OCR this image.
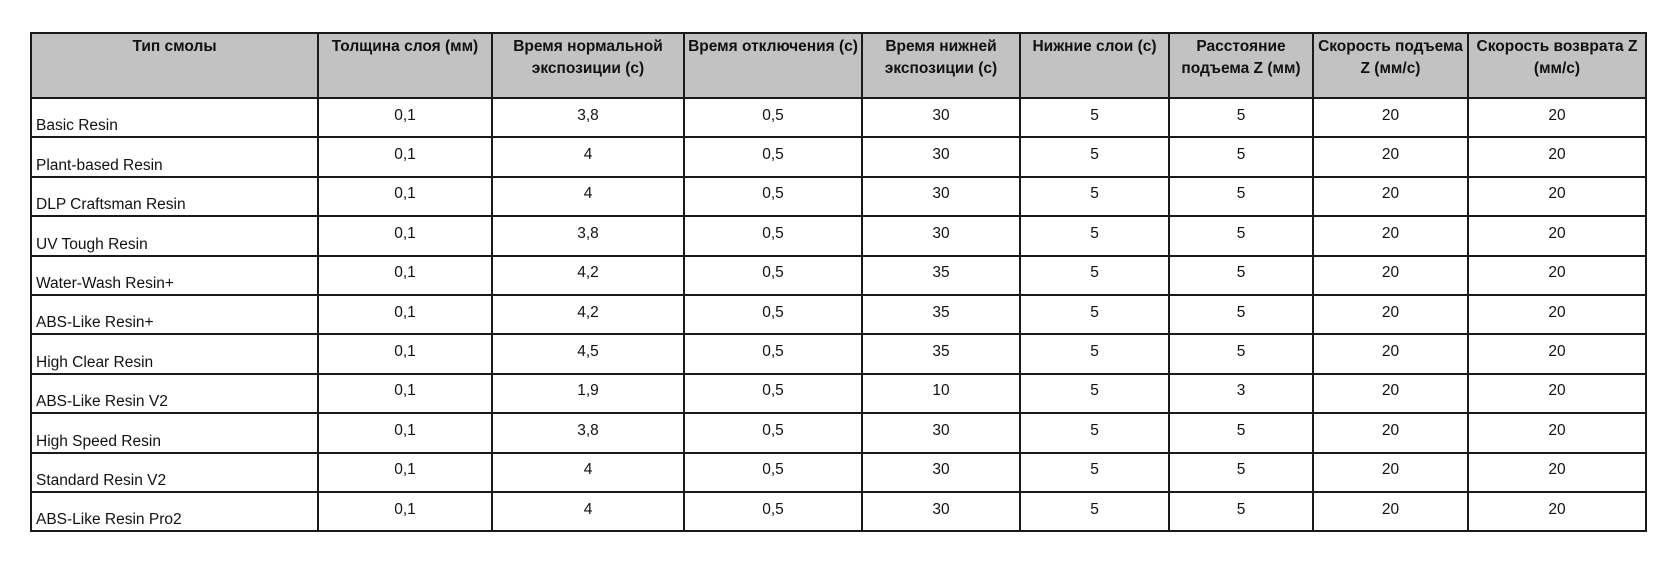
Тип смолы	Толщина слоя (мм)	Время нормальной экспозиции (с)	Время отключения (с)	Время нижней экспозиции (с)	Нижние слои (с)	Расстояние подъема Z (мм)	Скорость подъема Z (мм/с)	Скорость возврата Z (мм/с)
Basic Resin	0,1	3,8	0,5	30	5	5	20	20
Plant-based Resin	0,1	4	0,5	30	5	5	20	20
DLP Craftsman Resin	0,1	4	0,5	30	5	5	20	20
UV Tough Resin	0,1	3,8	0,5	30	5	5	20	20
Water-Wash Resin+	0,1	4,2	0,5	35	5	5	20	20
ABS-Like Resin+	0,1	4,2	0,5	35	5	5	20	20
High Clear Resin	0,1	4,5	0,5	35	5	5	20	20
ABS-Like Resin V2	0,1	1,9	0,5	10	5	3	20	20
High Speed Resin	0,1	3,8	0,5	30	5	5	20	20
Standard Resin V2	0,1	4	0,5	30	5	5	20	20
ABS-Like Resin Pro2	0,1	4	0,5	30	5	5	20	20
